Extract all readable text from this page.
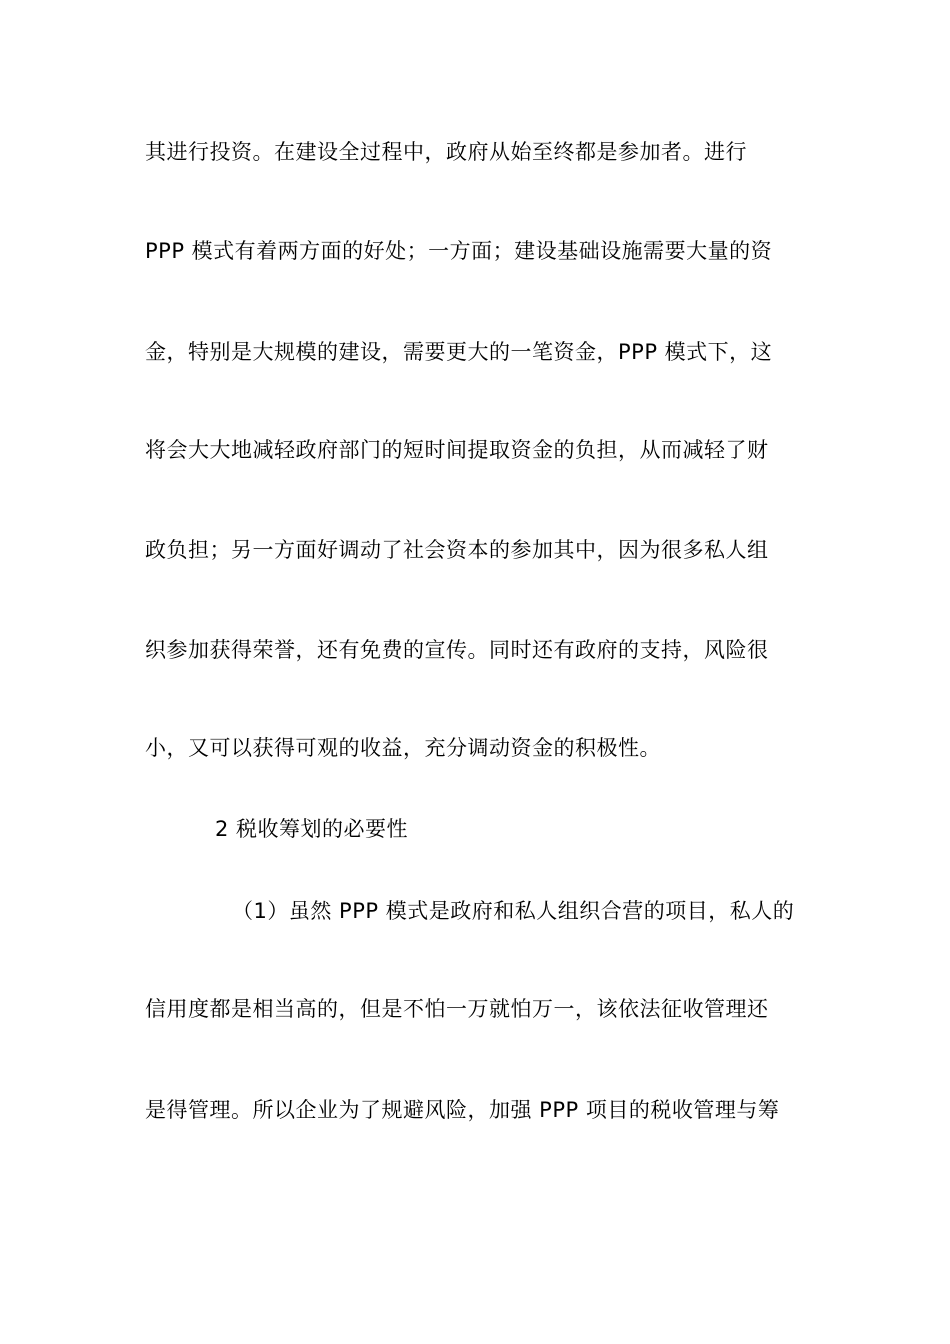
其进行投资。在建设全过程中，政府从始至终都是参加者。进行
PPP 模式有着两方面的好处；一方面；建设基础设施需要大量的资
金，特别是大规模的建设，需要更大的一笔资金，PPP 模式下，这
将会大大地减轻政府部门的短时间提取资金的负担，从而减轻了财
政负担；另一方面好调动了社会资本的参加其中，因为很多私人组
织参加获得荣誉，还有免费的宣传。同时还有政府的支持，风险很
小，又可以获得可观的收益，充分调动资金的积极性。
2 税收筹划的必要性
（1）虽然 PPP 模式是政府和私人组织合营的项目，私人的
信用度都是相当高的，但是不怕一万就怕万一，该依法征收管理还
是得管理。所以企业为了规避风险，加强 PPP 项目的税收管理与筹
